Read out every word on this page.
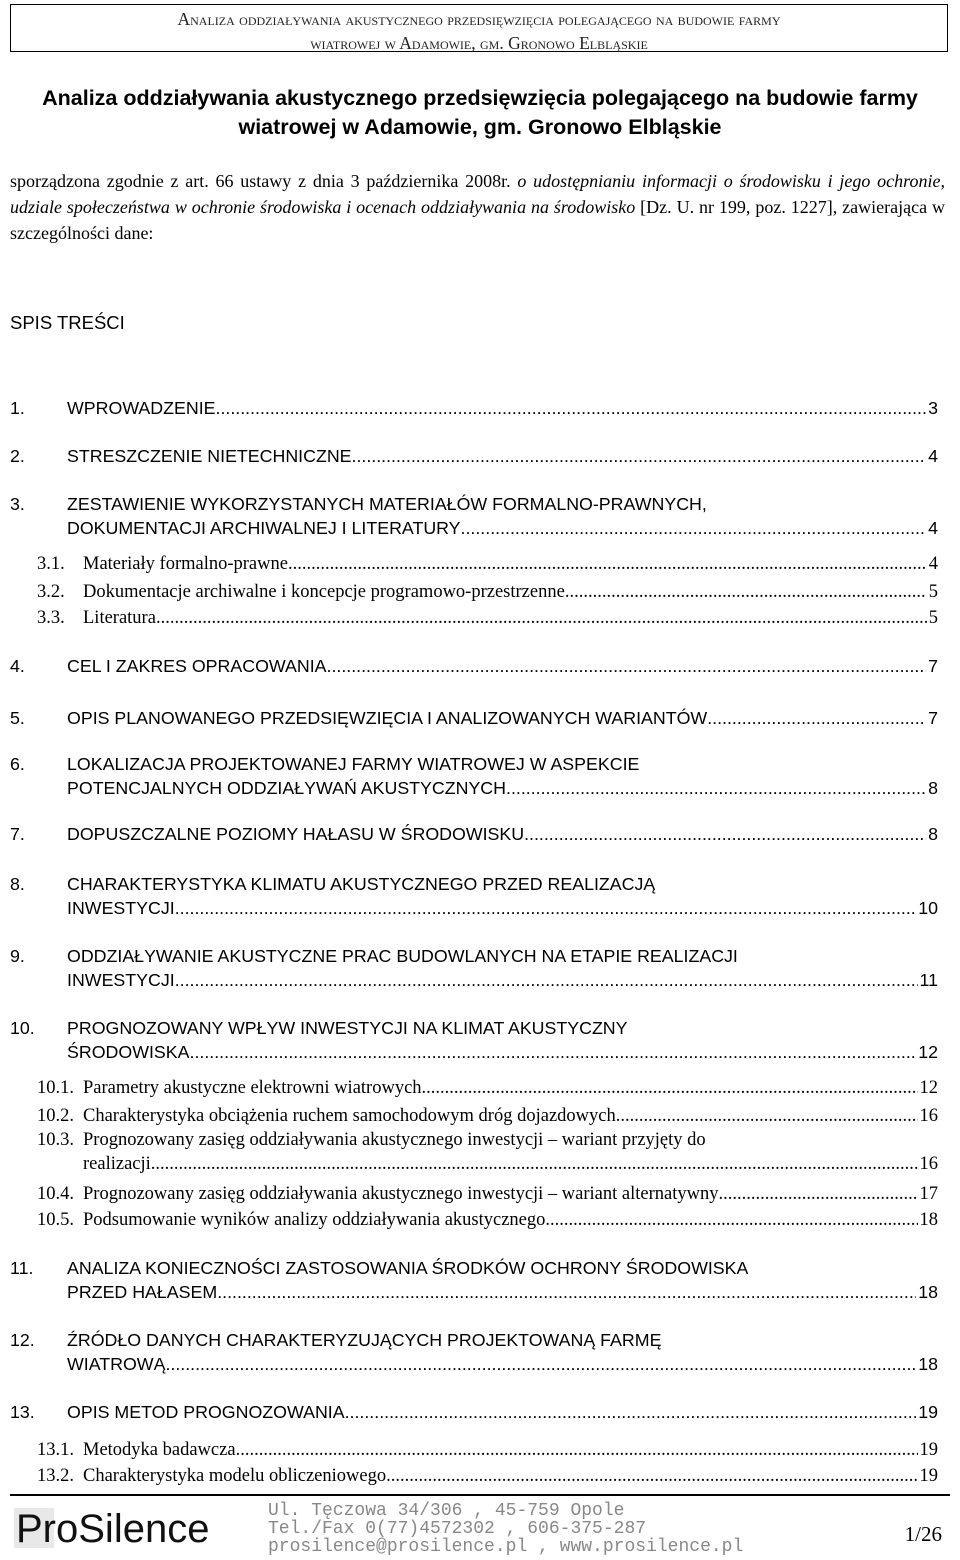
Analiza oddziaływania akustycznego przedsięwzięcia polegającego na budowie farmy
wiatrowej w Adamowie, gm. Gronowo Elbląskie
Analiza oddziaływania akustycznego przedsięwzięcia polegającego na budowie farmy
wiatrowej w Adamowie, gm. Gronowo Elbląskie
sporządzona zgodnie z art. 66 ustawy z dnia 3 października 2008r. o udostępnianiu informacji o środowisku i jego ochronie, udziale społeczeństwa w ochronie środowiska i ocenach oddziaływania na środowisko [Dz. U. nr 199, poz. 1227], zawierająca w szczególności dane:
SPIS TREŚCI
1. WPROWADZENIE .....	3
2. STRESZCZENIE NIETECHNICZNE .....	4
3. ZESTAWIENIE WYKORZYSTANYCH MATERIAŁÓW FORMALNO-PRAWNYCH,
DOKUMENTACJI ARCHIWALNEJ I LITERATURY .....	4
3.1. Materiały formalno-prawne .....	4
3.2. Dokumentacje archiwalne i koncepcje programowo-przestrzenne .....	5
3.3. Literatura .....	5
4. CEL I ZAKRES OPRACOWANIA .....	7
5. OPIS PLANOWANEGO PRZEDSIĘWZIĘCIA I ANALIZOWANYCH WARIANTÓW .....	7
6. LOKALIZACJA PROJEKTOWANEJ FARMY WIATROWEJ W ASPEKCIE
POTENCJALNYCH ODDZIAŁYWAŃ AKUSTYCZNYCH .....	8
7. DOPUSZCZALNE POZIOMY HAŁASU W ŚRODOWISKU .....	8
8. CHARAKTERYSTYKA KLIMATU AKUSTYCZNEGO PRZED REALIZACJĄ
INWESTYCJI .....	10
9. ODDZIAŁYWANIE AKUSTYCZNE PRAC BUDOWLANYCH NA ETAPIE REALIZACJI
INWESTYCJI .....	11
10. PROGNOZOWANY WPŁYW INWESTYCJI NA KLIMAT AKUSTYCZNY
ŚRODOWISKA .....	12
10.1. Parametry akustyczne elektrowni wiatrowych .....	12
10.2. Charakterystyka obciążenia ruchem samochodowym dróg dojazdowych .....	16
10.3. Prognozowany zasięg oddziaływania akustycznego inwestycji – wariant przyjęty do
realizacji .....	16
10.4. Prognozowany zasięg oddziaływania akustycznego inwestycji – wariant alternatywny .....	17
10.5. Podsumowanie wyników analizy oddziaływania akustycznego .....	18
11. ANALIZA KONIECZNOŚCI ZASTOSOWANIA ŚRODKÓW OCHRONY ŚRODOWISKA
PRZED HAŁASEM .....	18
12. ŹRÓDŁO DANYCH CHARAKTERYZUJĄCYCH PROJEKTOWANĄ FARMĘ
WIATROWĄ .....	18
13. OPIS METOD PROGNOZOWANIA .....	19
13.1. Metodyka badawcza .....	19
13.2. Charakterystyka modelu obliczeniowego .....	19
ProSilence	Ul. Tęczowa 34/306 , 45-759 Opole
Tel./Fax 0(77)4572302 , 606-375-287
prosilence@prosilence.pl , www.prosilence.pl
1/26
